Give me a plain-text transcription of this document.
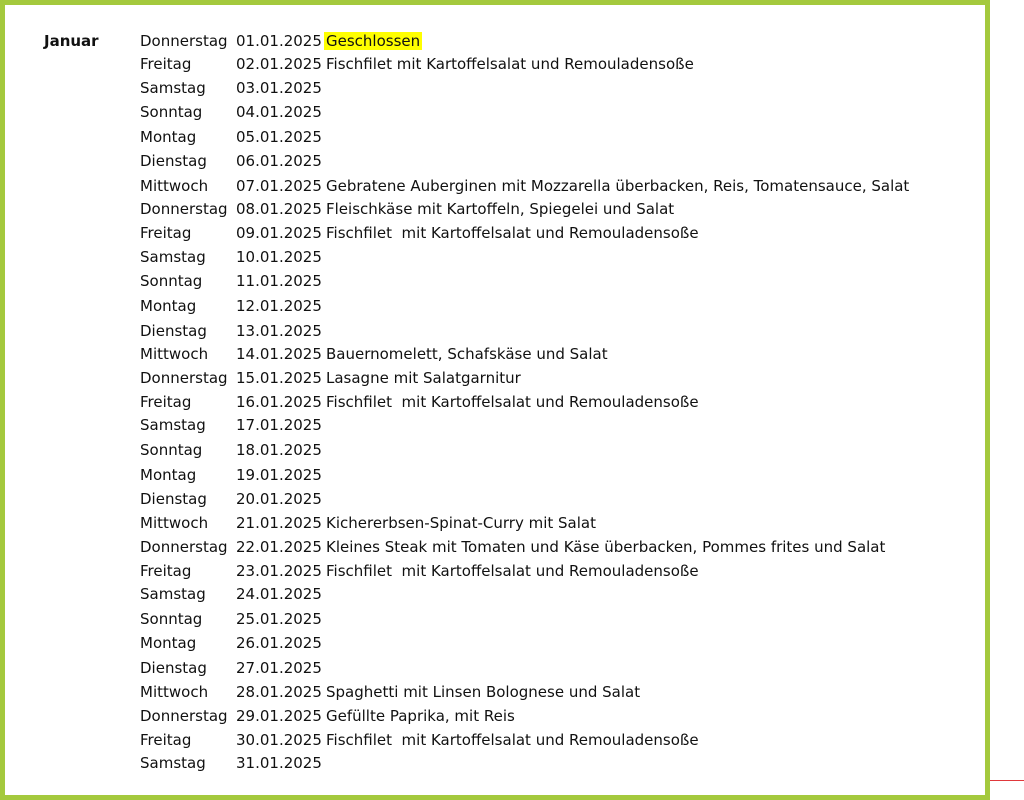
Januar	Donnerstag 01.01.2025 Geschlossen
Freitag	02.01.2025 Fischfilet mit Kartoffelsalat und Remouladensoße
Samstag	03.01.2025
Sonntag	04.01.2025
Montag	05.01.2025
Dienstag	06.01.2025
Mittwoch	07.01.2025 Gebratene Auberginen mit Mozzarella überbacken, Reis, Tomatensauce, Salat
Donnerstag 08.01.2025 Fleischkäse mit Kartoffeln, Spiegelei und Salat
Freitag	09.01.2025 Fischfilet  mit Kartoffelsalat und Remouladensoße
Samstag	10.01.2025
Sonntag	11.01.2025
Montag	12.01.2025
Dienstag	13.01.2025
Mittwoch	14.01.2025 Bauernomelett, Schafskäse und Salat
Donnerstag 15.01.2025 Lasagne mit Salatgarnitur
Freitag	16.01.2025 Fischfilet  mit Kartoffelsalat und Remouladensoße
Samstag	17.01.2025
Sonntag	18.01.2025
Montag	19.01.2025
Dienstag	20.01.2025
Mittwoch	21.01.2025 Kichererbsen-Spinat-Curry mit Salat
Donnerstag 22.01.2025 Kleines Steak mit Tomaten und Käse überbacken, Pommes frites und Salat
Freitag	23.01.2025 Fischfilet  mit Kartoffelsalat und Remouladensoße
Samstag	24.01.2025
Sonntag	25.01.2025
Montag	26.01.2025
Dienstag	27.01.2025
Mittwoch	28.01.2025 Spaghetti mit Linsen Bolognese und Salat
Donnerstag 29.01.2025 Gefüllte Paprika, mit Reis
Freitag	30.01.2025 Fischfilet  mit Kartoffelsalat und Remouladensoße
Samstag	31.01.2025
